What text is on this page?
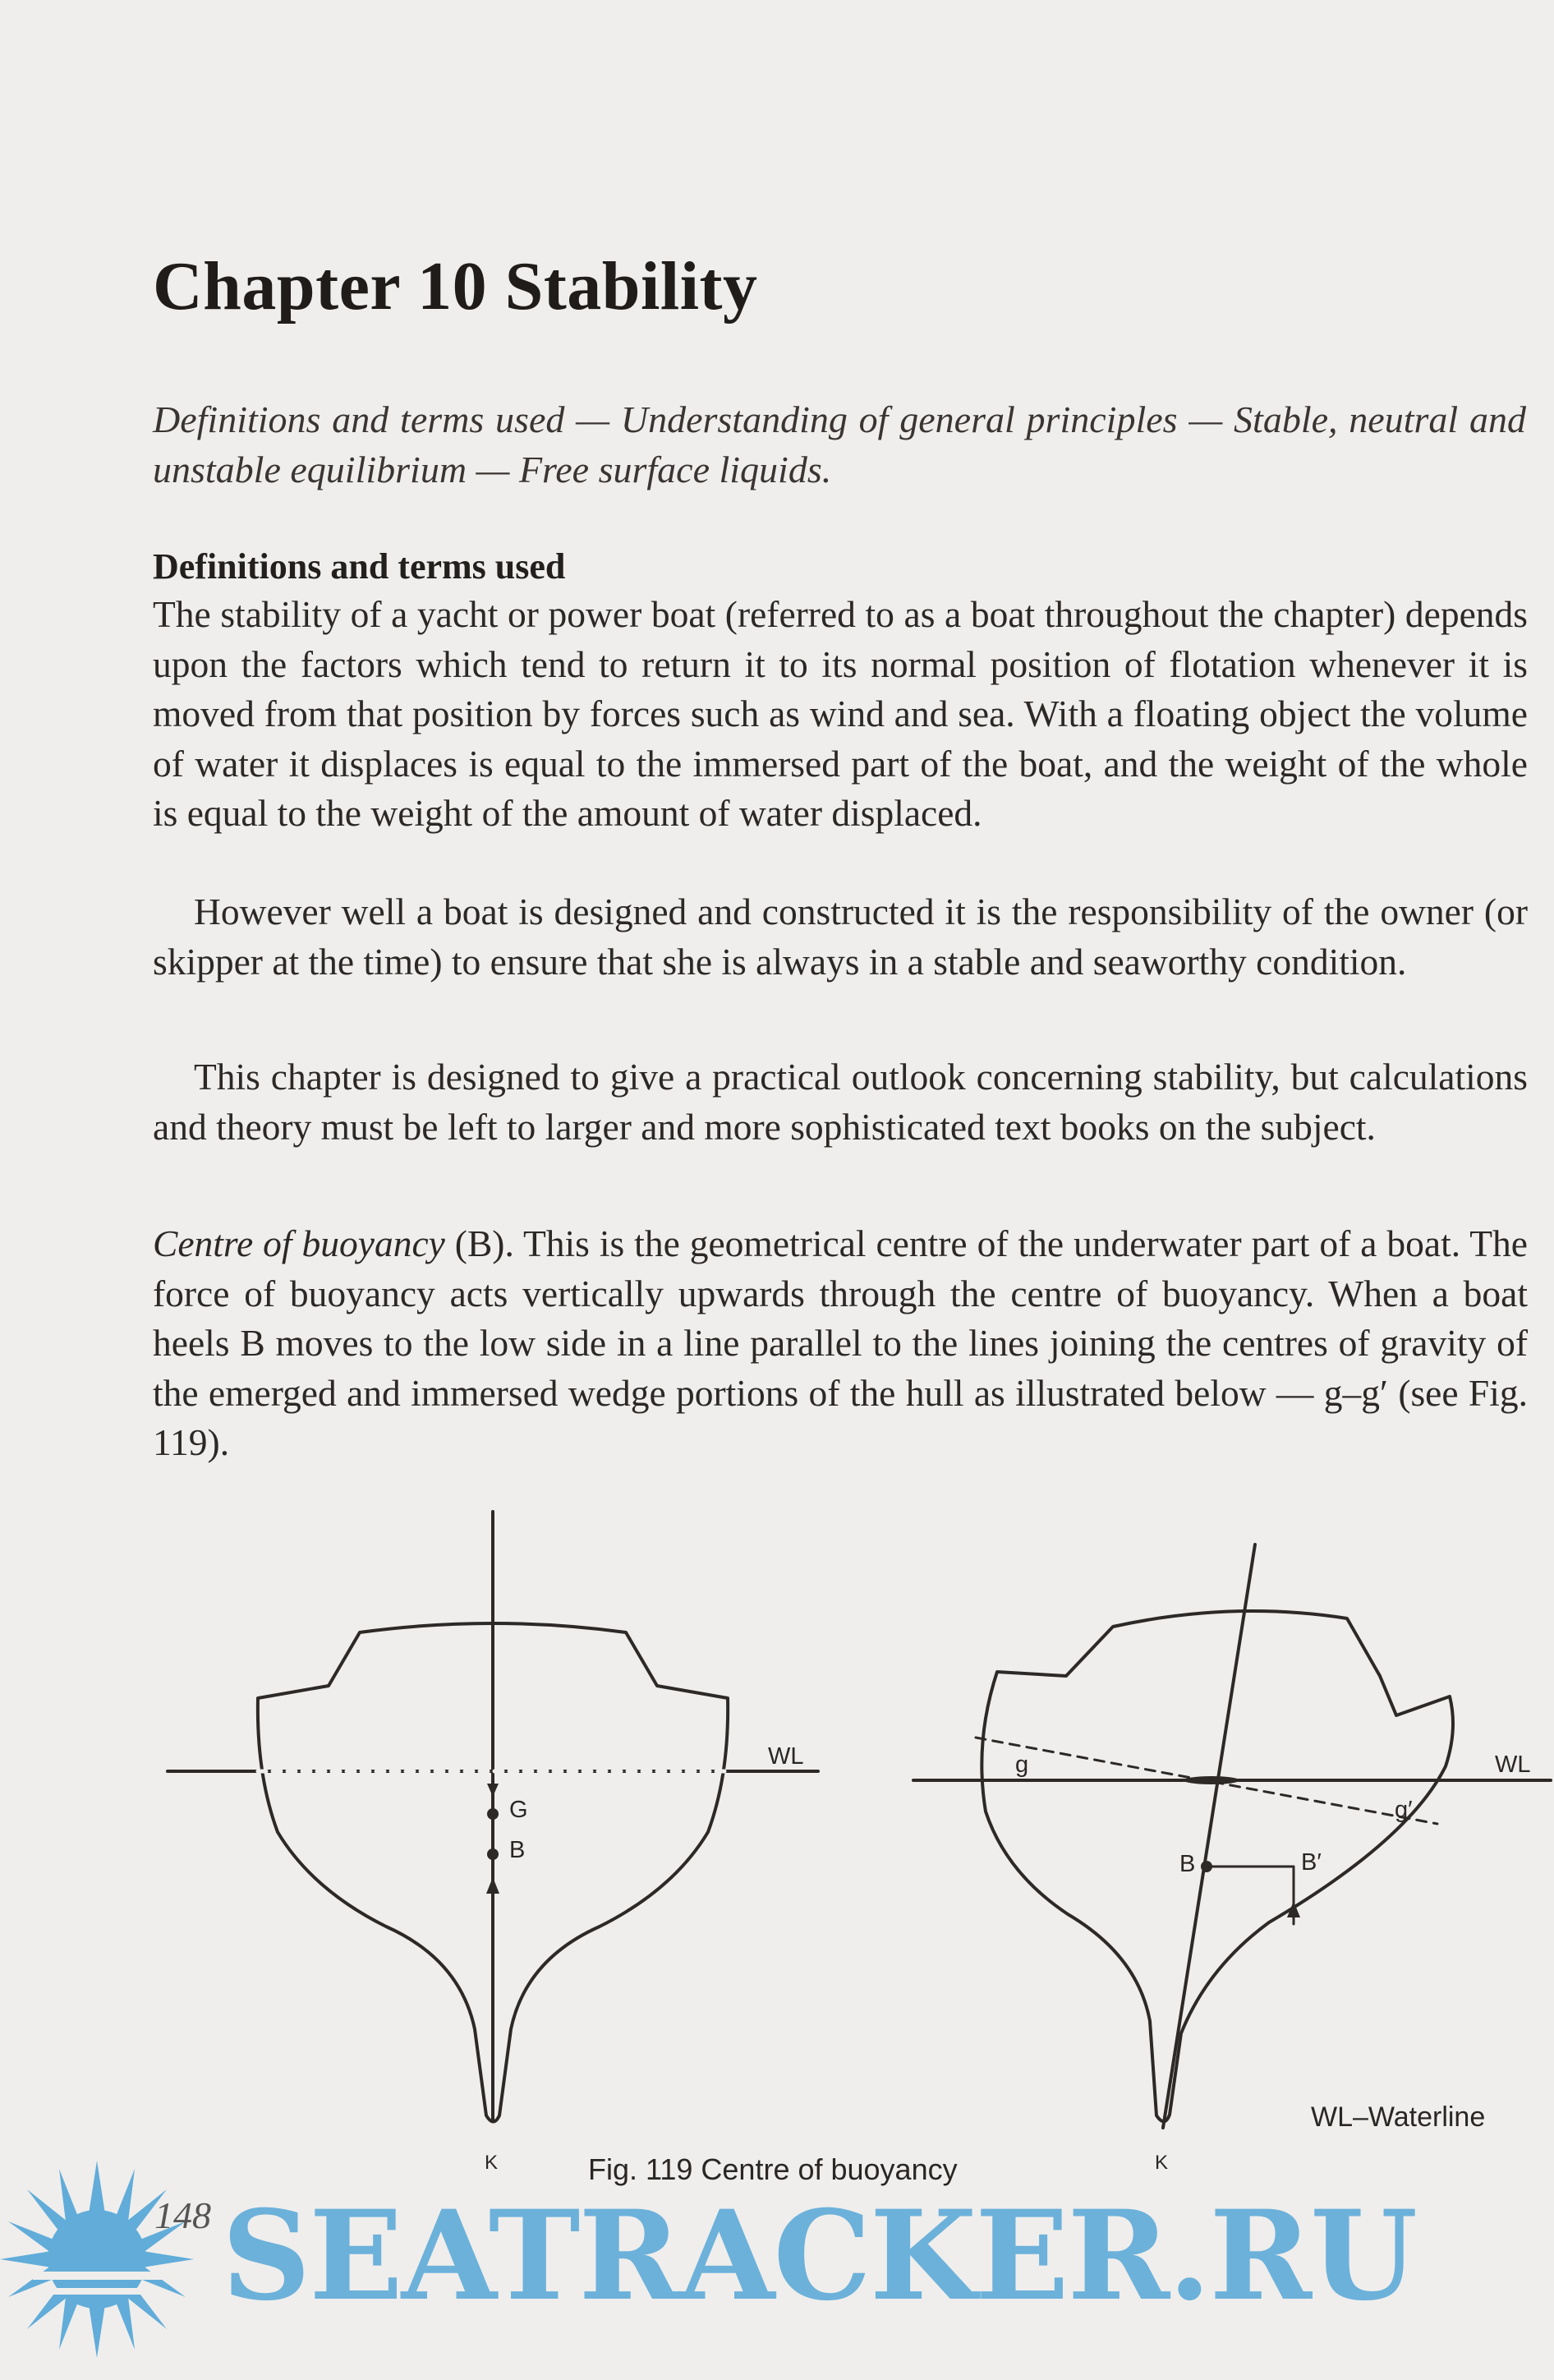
Chapter 10 Stability
Definitions and terms used — Understanding of general principles — Stable, neutral and unstable equilibrium — Free surface liquids.
Definitions and terms used
The stability of a yacht or power boat (referred to as a boat throughout the chapter) depends upon the factors which tend to return it to its normal position of flotation whenever it is moved from that position by forces such as wind and sea. With a floating object the volume of water it displaces is equal to the immersed part of the boat, and the weight of the whole is equal to the weight of the amount of water displaced.
However well a boat is designed and constructed it is the responsibility of the owner (or skipper at the time) to ensure that she is always in a stable and seaworthy condition.
This chapter is designed to give a practical outlook concerning stability, but calculations and theory must be left to larger and more sophisticated text books on the subject.
Centre of buoyancy (B). This is the geometrical centre of the underwater part of a boat. The force of buoyancy acts vertically upwards through the centre of buoyancy. When a boat heels B moves to the low side in a line parallel to the lines joining the centres of gravity of the emerged and immersed wedge portions of the hull as illustrated below — g–g′ (see Fig. 119).
WL
G
B
K
WL
g
g′
B	B′
K
WL–Waterline
Fig. 119 Centre of buoyancy
148 SEATRACKER.RU
